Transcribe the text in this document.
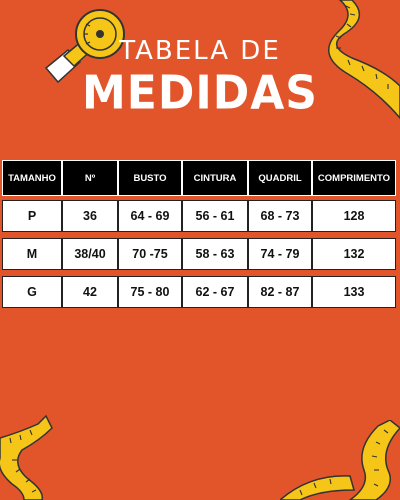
TABELA DE
MEDIDAS
TAMANHO	Nº	BUSTO	CINTURA	QUADRIL	COMPRIMENTO
P	36	64 - 69	56 - 61	68 - 73	128
M	38/40	70 -75	58 - 63	74 - 79	132
G	42	75 - 80	62 - 67	82 - 87	133
